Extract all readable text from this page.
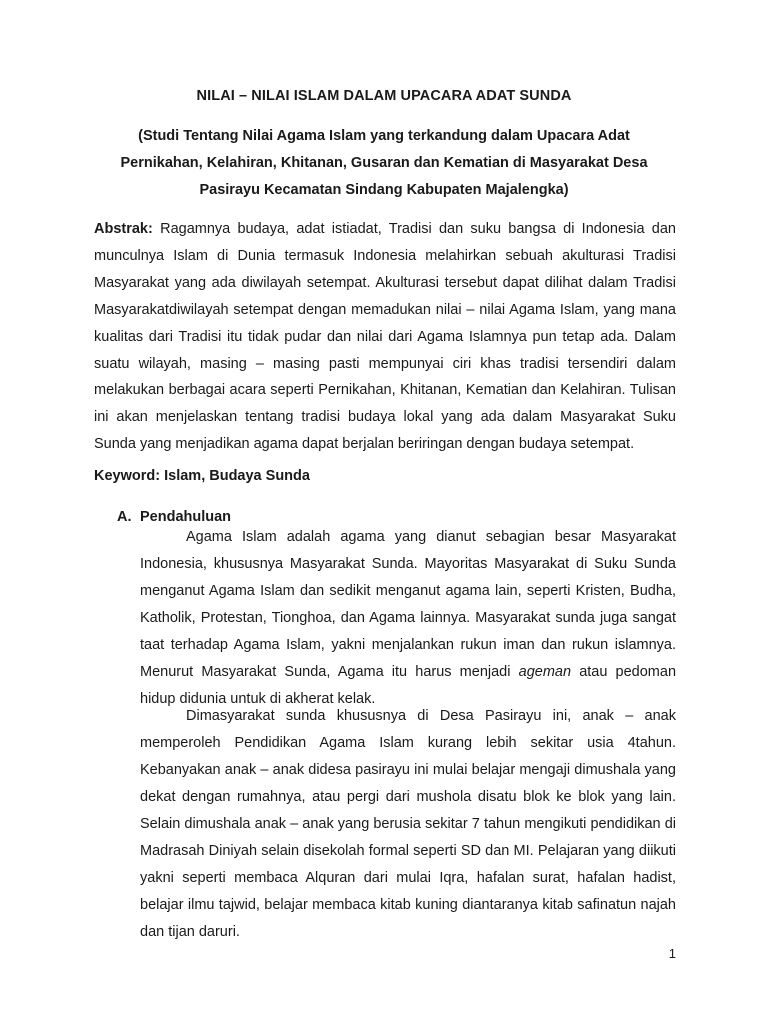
NILAI – NILAI ISLAM DALAM UPACARA ADAT SUNDA
(Studi Tentang Nilai Agama Islam yang terkandung dalam Upacara Adat Pernikahan, Kelahiran, Khitanan, Gusaran dan Kematian di Masyarakat Desa Pasirayu Kecamatan Sindang Kabupaten Majalengka)
Abstrak: Ragamnya budaya, adat istiadat, Tradisi dan suku bangsa di Indonesia dan munculnya Islam di Dunia termasuk Indonesia melahirkan sebuah akulturasi Tradisi Masyarakat yang ada diwilayah setempat. Akulturasi tersebut dapat dilihat dalam Tradisi Masyarakatdiwilayah setempat dengan memadukan nilai – nilai Agama Islam, yang mana kualitas dari Tradisi itu tidak pudar dan nilai dari Agama Islamnya pun tetap ada. Dalam suatu wilayah, masing – masing pasti mempunyai ciri khas tradisi tersendiri dalam melakukan berbagai acara seperti Pernikahan, Khitanan, Kematian dan Kelahiran. Tulisan ini akan menjelaskan tentang tradisi budaya lokal yang ada dalam Masyarakat Suku Sunda yang menjadikan agama dapat berjalan beriringan dengan budaya setempat.
Keyword: Islam, Budaya Sunda
A. Pendahuluan
Agama Islam adalah agama yang dianut sebagian besar Masyarakat Indonesia, khususnya Masyarakat Sunda. Mayoritas Masyarakat di Suku Sunda menganut Agama Islam dan sedikit menganut agama lain, seperti Kristen, Budha, Katholik, Protestan, Tionghoa, dan Agama lainnya. Masyarakat sunda juga sangat taat terhadap Agama Islam, yakni menjalankan rukun iman dan rukun islamnya. Menurut Masyarakat Sunda, Agama itu harus menjadi ageman atau pedoman hidup didunia untuk di akherat kelak.
Dimasyarakat sunda khususnya di Desa Pasirayu ini, anak – anak memperoleh Pendidikan Agama Islam kurang lebih sekitar usia 4tahun. Kebanyakan anak – anak didesa pasirayu ini mulai belajar mengaji dimushala yang dekat dengan rumahnya, atau pergi dari mushola disatu blok ke blok yang lain. Selain dimushala anak – anak yang berusia sekitar 7 tahun mengikuti pendidikan di Madrasah Diniyah selain disekolah formal seperti SD dan MI. Pelajaran yang diikuti yakni seperti membaca Alquran dari mulai Iqra, hafalan surat, hafalan hadist, belajar ilmu tajwid, belajar membaca kitab kuning diantaranya kitab safinatun najah dan tijan daruri.
1
